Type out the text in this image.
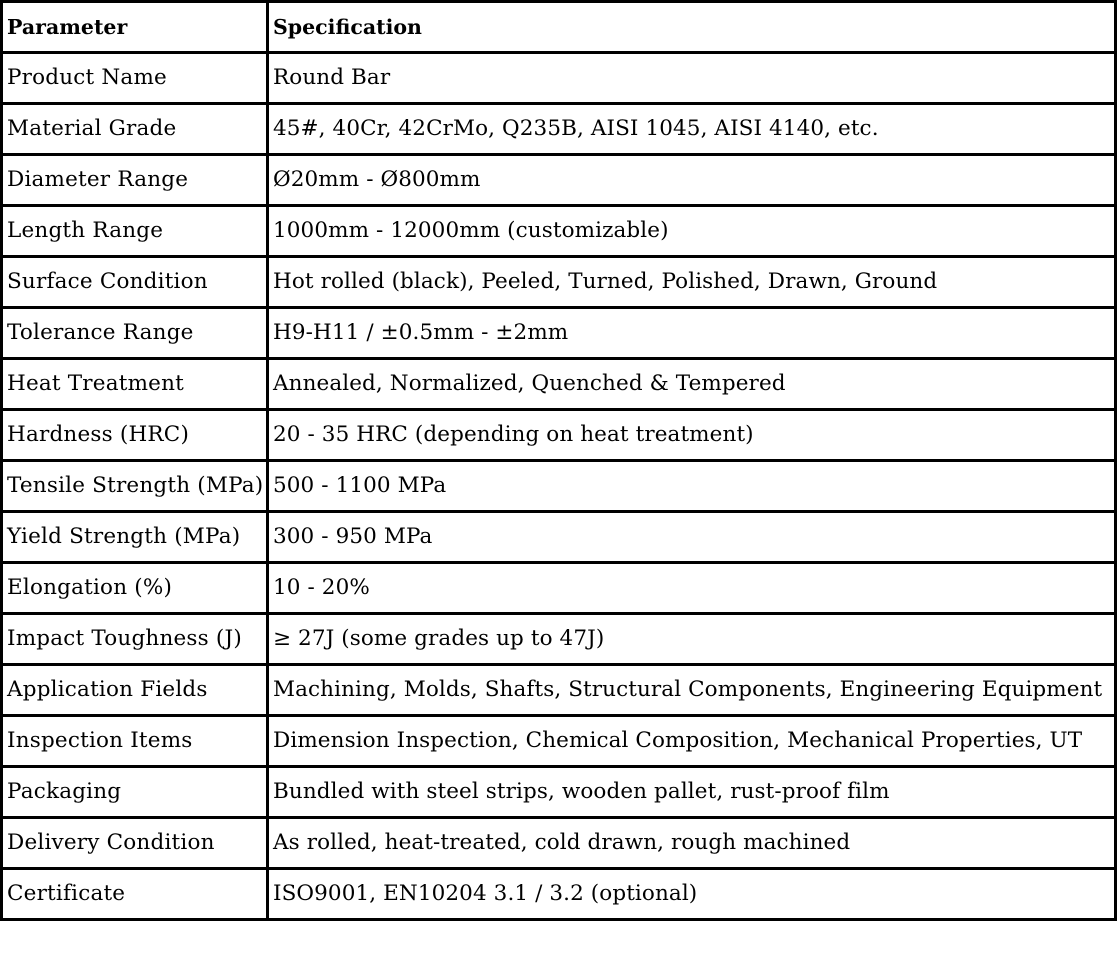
Parameter	Specification
Product Name	Round Bar
Material Grade	45#, 40Cr, 42CrMo, Q235B, AISI 1045, AISI 4140, etc.
Diameter Range	Ø20mm - Ø800mm
Length Range	1000mm - 12000mm (customizable)
Surface Condition	Hot rolled (black), Peeled, Turned, Polished, Drawn, Ground
Tolerance Range	H9-H11 / ±0.5mm - ±2mm
Heat Treatment	Annealed, Normalized, Quenched & Tempered
Hardness (HRC)	20 - 35 HRC (depending on heat treatment)
Tensile Strength (MPa)	500 - 1100 MPa
Yield Strength (MPa)	300 - 950 MPa
Elongation (%)	10 - 20%
Impact Toughness (J)	≥ 27J (some grades up to 47J)
Application Fields	Machining, Molds, Shafts, Structural Components, Engineering Equipment
Inspection Items	Dimension Inspection, Chemical Composition, Mechanical Properties, UT
Packaging	Bundled with steel strips, wooden pallet, rust-proof film
Delivery Condition	As rolled, heat-treated, cold drawn, rough machined
Certificate	ISO9001, EN10204 3.1 / 3.2 (optional)
